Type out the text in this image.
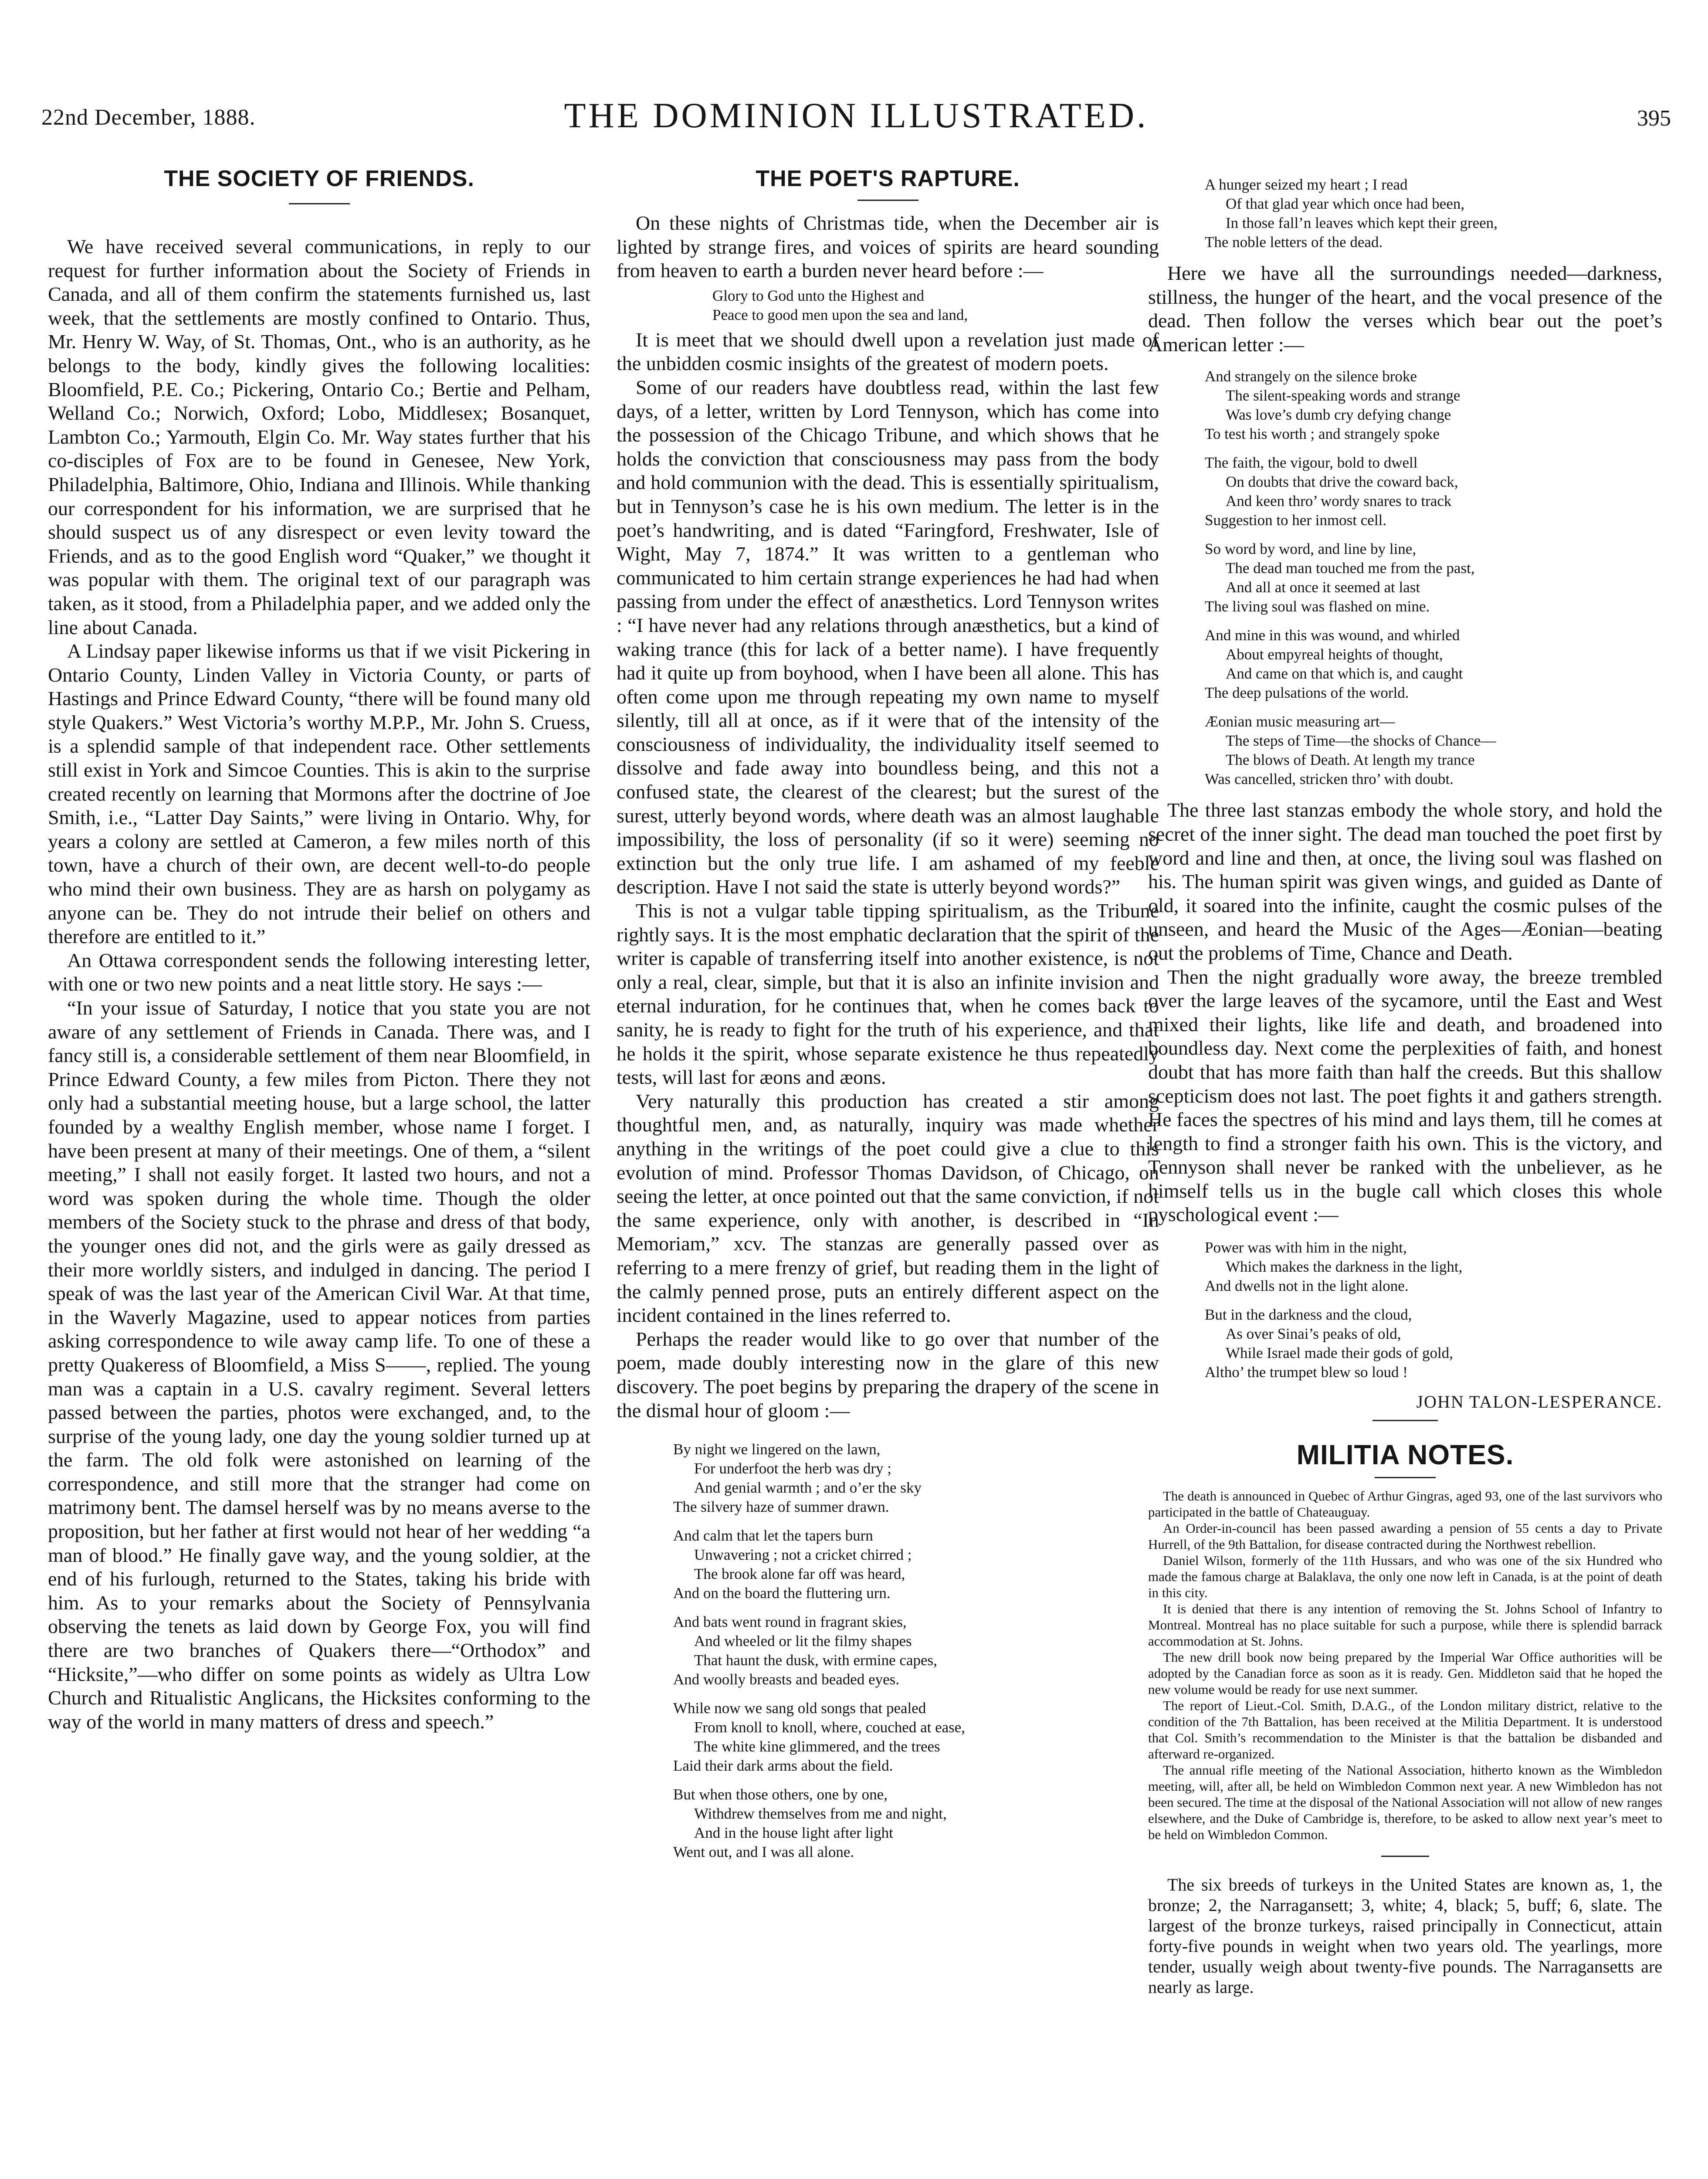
22nd December, 1888.	THE DOMINION ILLUSTRATED.	395
THE SOCIETY OF FRIENDS.

We have received several communications, in reply to our request for further information about the Society of Friends in Canada, and all of them confirm the statements furnished us, last week, that the settlements are mostly confined to Ontario. Thus, Mr. Henry W. Way, of St. Thomas, Ont., who is an authority, as he belongs to the body, kindly gives the following localities: Bloomfield, P.E. Co.; Pickering, Ontario Co.; Bertie and Pelham, Welland Co.; Norwich, Oxford; Lobo, Middlesex; Bosanquet, Lambton Co.; Yarmouth, Elgin Co. Mr. Way states further that his co-disciples of Fox are to be found in Genesee, New York, Philadelphia, Baltimore, Ohio, Indiana and Illinois. While thanking our correspondent for his information, we are surprised that he should suspect us of any disrespect or even levity toward the Friends, and as to the good English word “Quaker,” we thought it was popular with them. The original text of our paragraph was taken, as it stood, from a Philadelphia paper, and we added only the line about Canada.

A Lindsay paper likewise informs us that if we visit Pickering in Ontario County, Linden Valley in Victoria County, or parts of Hastings and Prince Edward County, “there will be found many old style Quakers.” West Victoria’s worthy M.P.P., Mr. John S. Cruess, is a splendid sample of that independent race. Other settlements still exist in York and Simcoe Counties. This is akin to the surprise created recently on learning that Mormons after the doctrine of Joe Smith, i.e., “Latter Day Saints,” were living in Ontario. Why, for years a colony are settled at Cameron, a few miles north of this town, have a church of their own, are decent well-to-do people who mind their own business. They are as harsh on polygamy as anyone can be. They do not intrude their belief on others and therefore are entitled to it.”

An Ottawa correspondent sends the following interesting letter, with one or two new points and a neat little story. He says :—

“In your issue of Saturday, I notice that you state you are not aware of any settlement of Friends in Canada. There was, and I fancy still is, a considerable settlement of them near Bloomfield, in Prince Edward County, a few miles from Picton. There they not only had a substantial meeting house, but a large school, the latter founded by a wealthy English member, whose name I forget. I have been present at many of their meetings. One of them, a “silent meeting,” I shall not easily forget. It lasted two hours, and not a word was spoken during the whole time. Though the older members of the Society stuck to the phrase and dress of that body, the younger ones did not, and the girls were as gaily dressed as their more worldly sisters, and indulged in dancing. The period I speak of was the last year of the American Civil War. At that time, in the Waverly Magazine, used to appear notices from parties asking correspondence to wile away camp life. To one of these a pretty Quakeress of Bloomfield, a Miss S——, replied. The young man was a captain in a U.S. cavalry regiment. Several letters passed between the parties, photos were exchanged, and, to the surprise of the young lady, one day the young soldier turned up at the farm. The old folk were astonished on learning of the correspondence, and still more that the stranger had come on matrimony bent. The damsel herself was by no means averse to the proposition, but her father at first would not hear of her wedding “a man of blood.” He finally gave way, and the young soldier, at the end of his furlough, returned to the States, taking his bride with him. As to your remarks about the Society of Pennsylvania observing the tenets as laid down by George Fox, you will find there are two branches of Quakers there—“Orthodox” and “Hicksite,”—who differ on some points as widely as Ultra Low Church and Ritualistic Anglicans, the Hicksites conforming to the way of the world in many matters of dress and speech.”

THE POET'S RAPTURE.

On these nights of Christmas tide, when the December air is lighted by strange fires, and voices of spirits are heard sounding from heaven to earth a burden never heard before :—

Glory to God unto the Highest and
Peace to good men upon the sea and land,

It is meet that we should dwell upon a revelation just made of the unbidden cosmic insights of the greatest of modern poets.

Some of our readers have doubtless read, within the last few days, of a letter, written by Lord Tennyson, which has come into the possession of the Chicago Tribune, and which shows that he holds the conviction that consciousness may pass from the body and hold communion with the dead. This is essentially spiritualism, but in Tennyson’s case he is his own medium. The letter is in the poet’s handwriting, and is dated “Faringford, Freshwater, Isle of Wight, May 7, 1874.” It was written to a gentleman who communicated to him certain strange experiences he had had when passing from under the effect of anæsthetics. Lord Tennyson writes : “I have never had any relations through anæsthetics, but a kind of waking trance (this for lack of a better name). I have frequently had it quite up from boyhood, when I have been all alone. This has often come upon me through repeating my own name to myself silently, till all at once, as if it were that of the intensity of the consciousness of individuality, the individuality itself seemed to dissolve and fade away into boundless being, and this not a confused state, the clearest of the clearest; but the surest of the surest, utterly beyond words, where death was an almost laughable impossibility, the loss of personality (if so it were) seeming no extinction but the only true life. I am ashamed of my feeble description. Have I not said the state is utterly beyond words?”

This is not a vulgar table tipping spiritualism, as the Tribune rightly says. It is the most emphatic declaration that the spirit of the writer is capable of transferring itself into another existence, is not only a real, clear, simple, but that it is also an infinite invision and eternal induration, for he continues that, when he comes back to sanity, he is ready to fight for the truth of his experience, and that he holds it the spirit, whose separate existence he thus repeatedly tests, will last for æons and æons.

Very naturally this production has created a stir among thoughtful men, and, as naturally, inquiry was made whether anything in the writings of the poet could give a clue to this evolution of mind. Professor Thomas Davidson, of Chicago, on seeing the letter, at once pointed out that the same conviction, if not the same experience, only with another, is described in “In Memoriam,” xcv. The stanzas are generally passed over as referring to a mere frenzy of grief, but reading them in the light of the calmly penned prose, puts an entirely different aspect on the incident contained in the lines referred to.

Perhaps the reader would like to go over that number of the poem, made doubly interesting now in the glare of this new discovery. The poet begins by preparing the drapery of the scene in the dismal hour of gloom :—

By night we lingered on the lawn,
For underfoot the herb was dry ;
And genial warmth ; and o’er the sky
The silvery haze of summer drawn.
And calm that let the tapers burn
Unwavering ; not a cricket chirred ;
The brook alone far off was heard,
And on the board the fluttering urn.
And bats went round in fragrant skies,
And wheeled or lit the filmy shapes
That haunt the dusk, with ermine capes,
And woolly breasts and beaded eyes.
While now we sang old songs that pealed
From knoll to knoll, where, couched at ease,
The white kine glimmered, and the trees
Laid their dark arms about the field.
But when those others, one by one,
Withdrew themselves from me and night,
And in the house light after light
Went out, and I was all alone.
A hunger seized my heart ; I read
Of that glad year which once had been,
In those fall’n leaves which kept their green,
The noble letters of the dead.

Here we have all the surroundings needed—darkness, stillness, the hunger of the heart, and the vocal presence of the dead. Then follow the verses which bear out the poet’s American letter :—

And strangely on the silence broke
The silent-speaking words and strange
Was love’s dumb cry defying change
To test his worth ; and strangely spoke
The faith, the vigour, bold to dwell
On doubts that drive the coward back,
And keen thro’ wordy snares to track
Suggestion to her inmost cell.
So word by word, and line by line,
The dead man touched me from the past,
And all at once it seemed at last
The living soul was flashed on mine.
And mine in this was wound, and whirled
About empyreal heights of thought,
And came on that which is, and caught
The deep pulsations of the world.
Æonian music measuring art—
The steps of Time—the shocks of Chance—
The blows of Death. At length my trance
Was cancelled, stricken thro’ with doubt.

The three last stanzas embody the whole story, and hold the secret of the inner sight. The dead man touched the poet first by word and line and then, at once, the living soul was flashed on his. The human spirit was given wings, and guided as Dante of old, it soared into the infinite, caught the cosmic pulses of the unseen, and heard the Music of the Ages—Æonian—beating out the problems of Time, Chance and Death.

Then the night gradually wore away, the breeze trembled over the large leaves of the sycamore, until the East and West mixed their lights, like life and death, and broadened into boundless day. Next come the perplexities of faith, and honest doubt that has more faith than half the creeds. But this shallow scepticism does not last. The poet fights it and gathers strength. He faces the spectres of his mind and lays them, till he comes at length to find a stronger faith his own. This is the victory, and Tennyson shall never be ranked with the unbeliever, as he himself tells us in the bugle call which closes this whole pyschological event :—

Power was with him in the night,
Which makes the darkness in the light,
And dwells not in the light alone.
But in the darkness and the cloud,
As over Sinai’s peaks of old,
While Israel made their gods of gold,
Altho’ the trumpet blew so loud !
JOHN TALON-LESPERANCE.
MILITIA NOTES.

The death is announced in Quebec of Arthur Gingras, aged 93, one of the last survivors who participated in the battle of Chateauguay.

An Order-in-council has been passed awarding a pension of 55 cents a day to Private Hurrell, of the 9th Battalion, for disease contracted during the Northwest rebellion.

Daniel Wilson, formerly of the 11th Hussars, and who was one of the six Hundred who made the famous charge at Balaklava, the only one now left in Canada, is at the point of death in this city.

It is denied that there is any intention of removing the St. Johns School of Infantry to Montreal. Montreal has no place suitable for such a purpose, while there is splendid barrack accommodation at St. Johns.

The new drill book now being prepared by the Imperial War Office authorities will be adopted by the Canadian force as soon as it is ready. Gen. Middleton said that he hoped the new volume would be ready for use next summer.

The report of Lieut.-Col. Smith, D.A.G., of the London military district, relative to the condition of the 7th Battalion, has been received at the Militia Department. It is understood that Col. Smith’s recommendation to the Minister is that the battalion be disbanded and afterward re-organized.

The annual rifle meeting of the National Association, hitherto known as the Wimbledon meeting, will, after all, be held on Wimbledon Common next year. A new Wimbledon has not been secured. The time at the disposal of the National Association will not allow of new ranges elsewhere, and the Duke of Cambridge is, therefore, to be asked to allow next year’s meet to be held on Wimbledon Common.

The six breeds of turkeys in the United States are known as, 1, the bronze; 2, the Narragansett; 3, white; 4, black; 5, buff; 6, slate. The largest of the bronze turkeys, raised principally in Connecticut, attain forty-five pounds in weight when two years old. The yearlings, more tender, usually weigh about twenty-five pounds. The Narragansetts are nearly as large.
